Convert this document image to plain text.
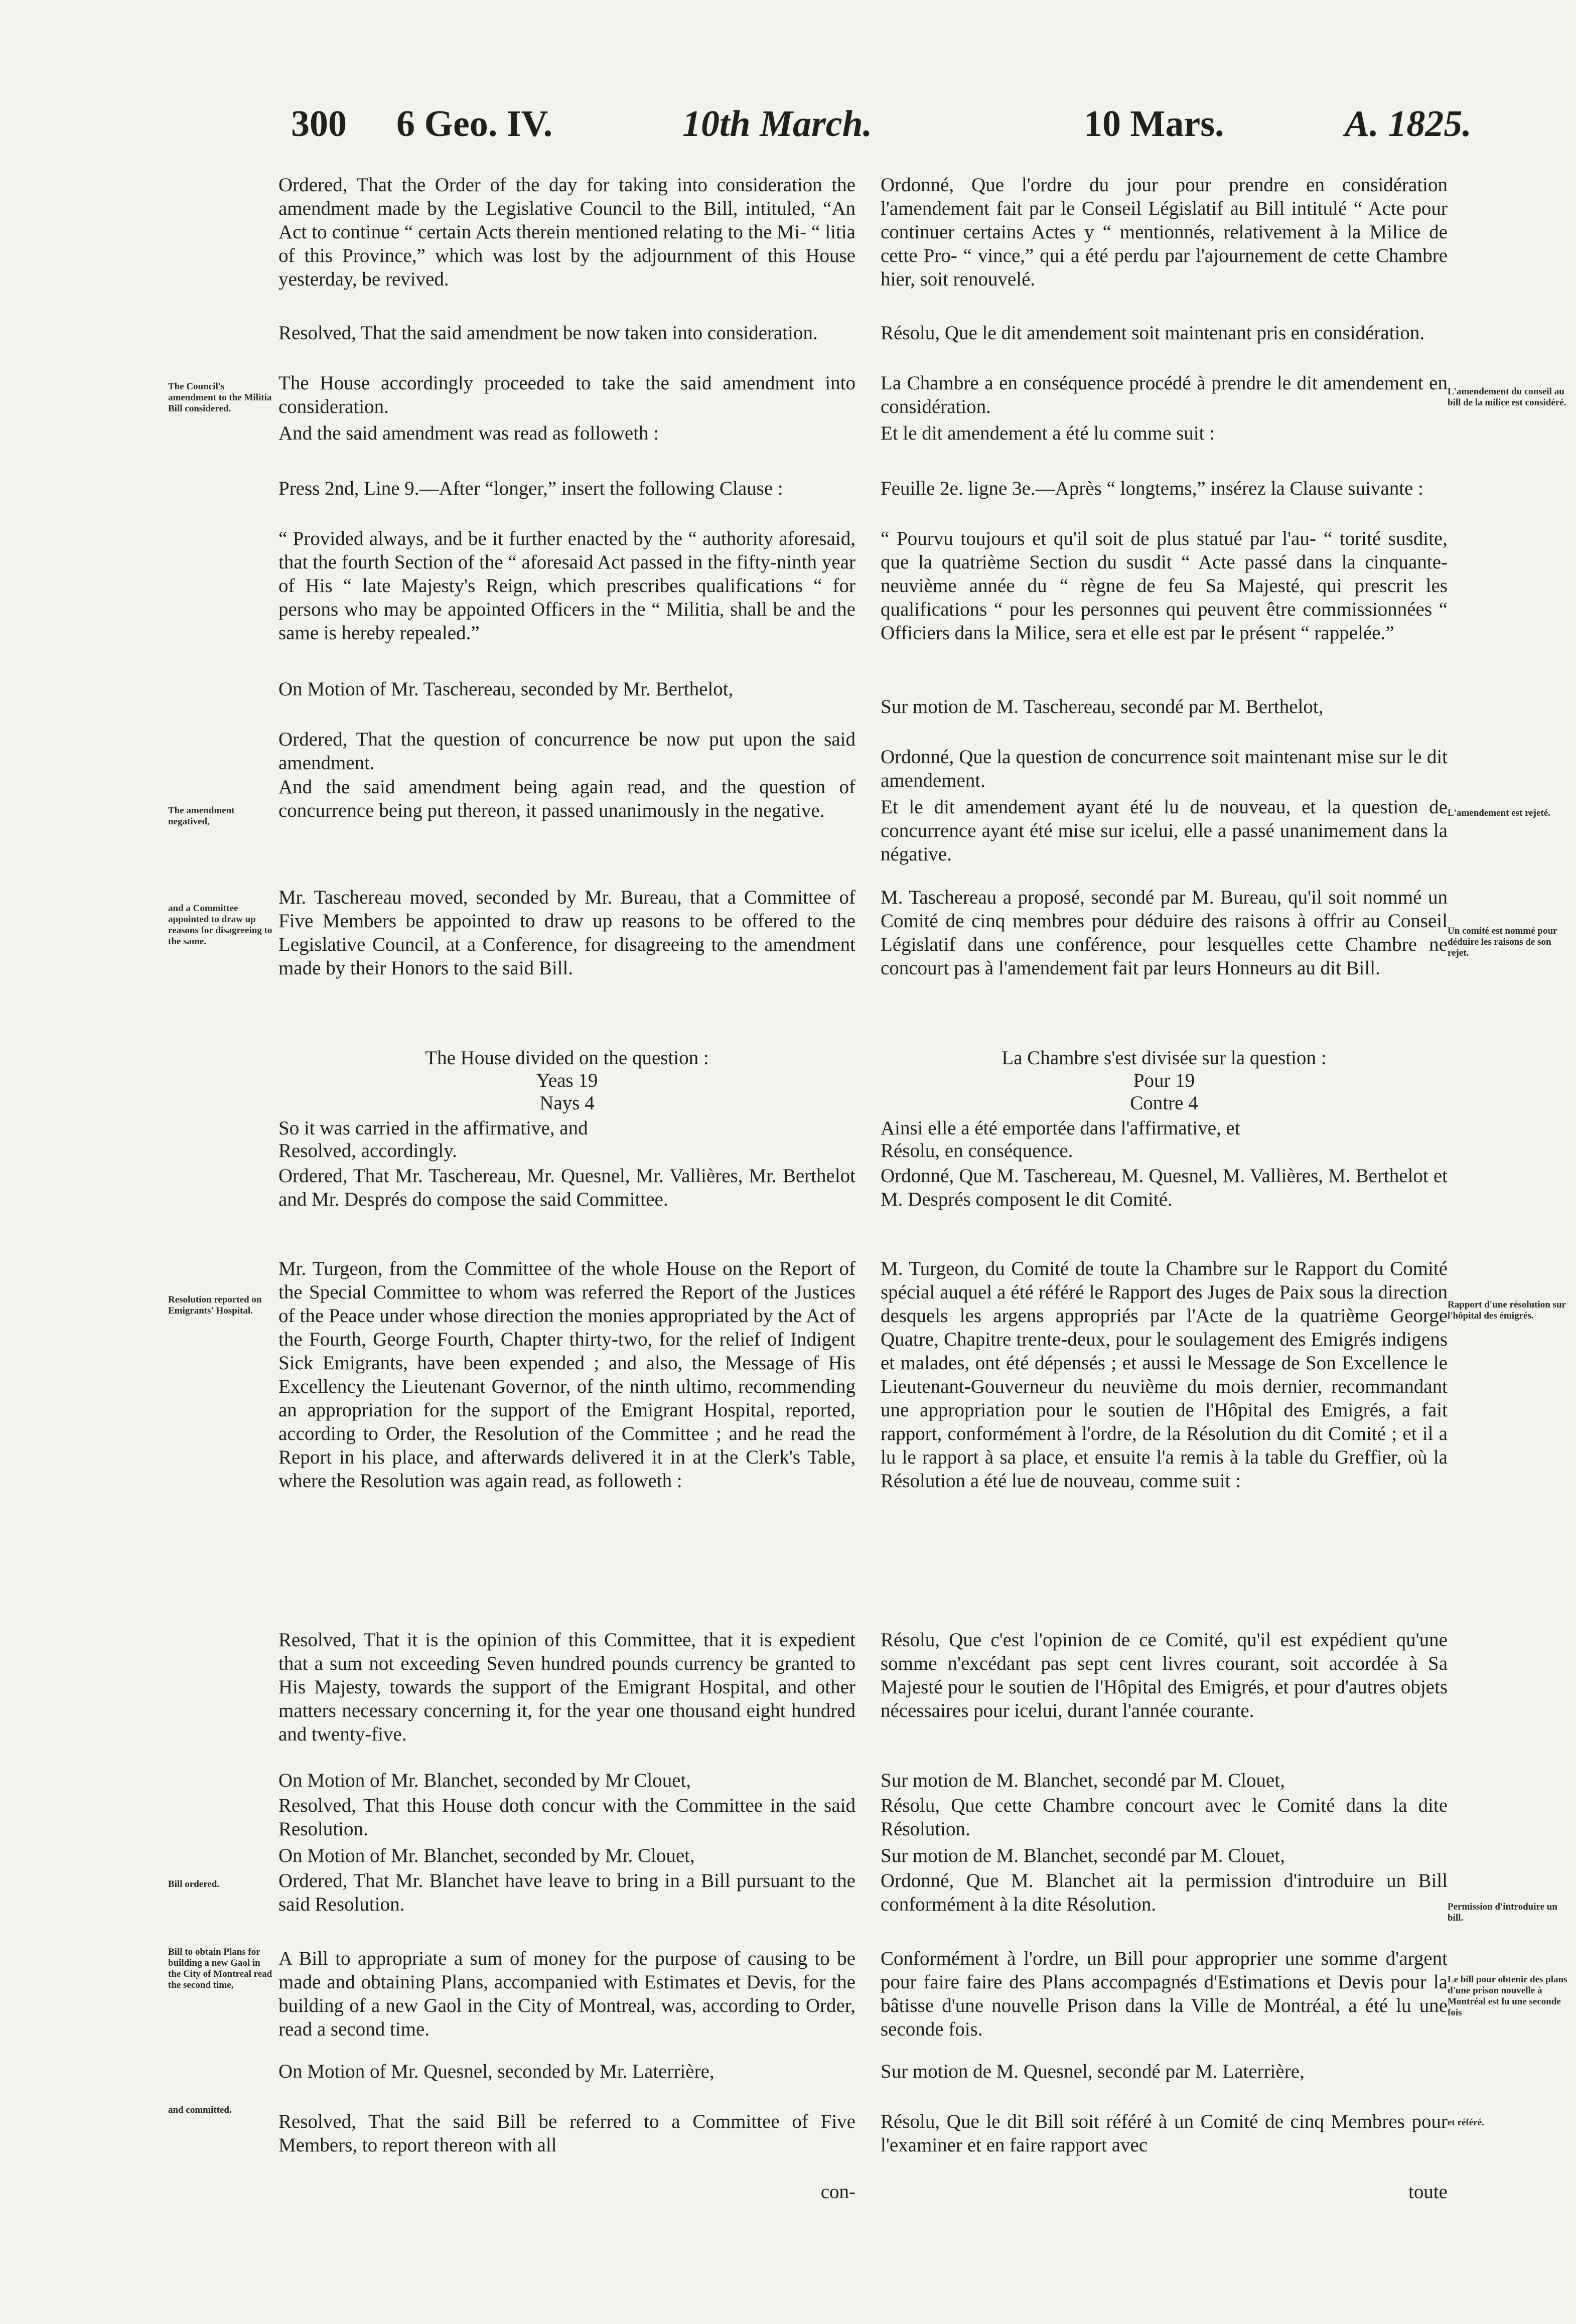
300 6 Geo. IV.	10th March.	10 Mars.	A. 1825.
The Council's amendment to the Militia Bill considered.
The amendment negatived,
and a Committee appointed to draw up reasons for disagreeing to the same.
Resolution reported on Emigrants' Hospital.
Bill ordered.
Bill to obtain Plans for building a new Gaol in the City of Montreal read the second time,
and committed.
L'amendement du conseil au bill de la milice est considéré.
L'amendement est rejeté.
Un comité est nommé pour déduire les raisons de son rejet.
Rapport d'une résolution sur l'hôpital des émigrés.
Permission d'introduire un bill.
Le bill pour obtenir des plans d'une prison nouvelle à Montréal est lu une seconde fois
et référé.

Ordered, That the Order of the day for taking into consideration the amendment made by the Legislative Council to the Bill, intituled, “An Act to continue “ certain Acts therein mentioned relating to the Mi- “ litia of this Province,” which was lost by the adjournment of this House yesterday, be revived.

Resolved, That the said amendment be now taken into consideration.

The House accordingly proceeded to take the said amendment into consideration.

And the said amendment was read as followeth :

Press 2nd, Line 9.—After “longer,” insert the following Clause :

“ Provided always, and be it further enacted by the “ authority aforesaid, that the fourth Section of the “ aforesaid Act passed in the fifty-ninth year of His “ late Majesty's Reign, which prescribes qualifications “ for persons who may be appointed Officers in the “ Militia, shall be and the same is hereby repealed.”

On Motion of Mr. Taschereau, seconded by Mr. Berthelot,

Ordered, That the question of concurrence be now put upon the said amendment.

And the said amendment being again read, and the question of concurrence being put thereon, it passed unanimously in the negative.

Mr. Taschereau moved, seconded by Mr. Bureau, that a Committee of Five Members be appointed to draw up reasons to be offered to the Legislative Council, at a Conference, for disagreeing to the amendment made by their Honors to the said Bill.

The House divided on the question :

Yeas 19

Nays 4

So it was carried in the affirmative, and

Resolved, accordingly.

Ordered, That Mr. Taschereau, Mr. Quesnel, Mr. Vallières, Mr. Berthelot and Mr. Després do compose the said Committee.

Mr. Turgeon, from the Committee of the whole House on the Report of the Special Committee to whom was referred the Report of the Justices of the Peace under whose direction the monies appropriated by the Act of the Fourth, George Fourth, Chapter thirty-two, for the relief of Indigent Sick Emigrants, have been expended ; and also, the Message of His Excellency the Lieutenant Governor, of the ninth ultimo, recommending an appropriation for the support of the Emigrant Hospital, reported, according to Order, the Resolution of the Committee ; and he read the Report in his place, and afterwards delivered it in at the Clerk's Table, where the Resolution was again read, as followeth :

Resolved, That it is the opinion of this Committee, that it is expedient that a sum not exceeding Seven hundred pounds currency be granted to His Majesty, towards the support of the Emigrant Hospital, and other matters necessary concerning it, for the year one thousand eight hundred and twenty-five.

On Motion of Mr. Blanchet, seconded by Mr Clouet,

Resolved, That this House doth concur with the Committee in the said Resolution.

On Motion of Mr. Blanchet, seconded by Mr. Clouet,

Ordered, That Mr. Blanchet have leave to bring in a Bill pursuant to the said Resolution.

A Bill to appropriate a sum of money for the purpose of causing to be made and obtaining Plans, accompanied with Estimates et Devis, for the building of a new Gaol in the City of Montreal, was, according to Order, read a second time.

On Motion of Mr. Quesnel, seconded by Mr. Laterrière,

Resolved, That the said Bill be referred to a Committee of Five Members, to report thereon with all

con-

Ordonné, Que l'ordre du jour pour prendre en considération l'amendement fait par le Conseil Législatif au Bill intitulé “ Acte pour continuer certains Actes y “ mentionnés, relativement à la Milice de cette Pro- “ vince,” qui a été perdu par l'ajournement de cette Chambre hier, soit renouvelé.

Résolu, Que le dit amendement soit maintenant pris en considération.

La Chambre a en conséquence procédé à prendre le dit amendement en considération.

Et le dit amendement a été lu comme suit :

Feuille 2e. ligne 3e.—Après “ longtems,” insérez la Clause suivante :

“ Pourvu toujours et qu'il soit de plus statué par l'au- “ torité susdite, que la quatrième Section du susdit “ Acte passé dans la cinquante-neuvième année du “ règne de feu Sa Majesté, qui prescrit les qualifications “ pour les personnes qui peuvent être commissionnées “ Officiers dans la Milice, sera et elle est par le présent “ rappelée.”

Sur motion de M. Taschereau, secondé par M. Berthelot,

Ordonné, Que la question de concurrence soit maintenant mise sur le dit amendement.

Et le dit amendement ayant été lu de nouveau, et la question de concurrence ayant été mise sur icelui, elle a passé unanimement dans la négative.

M. Taschereau a proposé, secondé par M. Bureau, qu'il soit nommé un Comité de cinq membres pour déduire des raisons à offrir au Conseil Législatif dans une conférence, pour lesquelles cette Chambre ne concourt pas à l'amendement fait par leurs Honneurs au dit Bill.

La Chambre s'est divisée sur la question :

Pour 19

Contre 4

Ainsi elle a été emportée dans l'affirmative, et

Résolu, en conséquence.

Ordonné, Que M. Taschereau, M. Quesnel, M. Vallières, M. Berthelot et M. Després composent le dit Comité.

M. Turgeon, du Comité de toute la Chambre sur le Rapport du Comité spécial auquel a été référé le Rapport des Juges de Paix sous la direction desquels les argens appropriés par l'Acte de la quatrième George Quatre, Chapitre trente-deux, pour le soulagement des Emigrés indigens et malades, ont été dépensés ; et aussi le Message de Son Excellence le Lieutenant-Gouverneur du neuvième du mois dernier, recommandant une appropriation pour le soutien de l'Hôpital des Emigrés, a fait rapport, conformément à l'ordre, de la Résolution du dit Comité ; et il a lu le rapport à sa place, et ensuite l'a remis à la table du Greffier, où la Résolution a été lue de nouveau, comme suit :

Résolu, Que c'est l'opinion de ce Comité, qu'il est expédient qu'une somme n'excédant pas sept cent livres courant, soit accordée à Sa Majesté pour le soutien de l'Hôpital des Emigrés, et pour d'autres objets nécessaires pour icelui, durant l'année courante.

Sur motion de M. Blanchet, secondé par M. Clouet,

Résolu, Que cette Chambre concourt avec le Comité dans la dite Résolution.

Sur motion de M. Blanchet, secondé par M. Clouet,

Ordonné, Que M. Blanchet ait la permission d'introduire un Bill conformément à la dite Résolution.

Conformément à l'ordre, un Bill pour approprier une somme d'argent pour faire faire des Plans accompagnés d'Estimations et Devis pour la bâtisse d'une nouvelle Prison dans la Ville de Montréal, a été lu une seconde fois.

Sur motion de M. Quesnel, secondé par M. Laterrière,

Résolu, Que le dit Bill soit référé à un Comité de cinq Membres pour l'examiner et en faire rapport avec

toute
